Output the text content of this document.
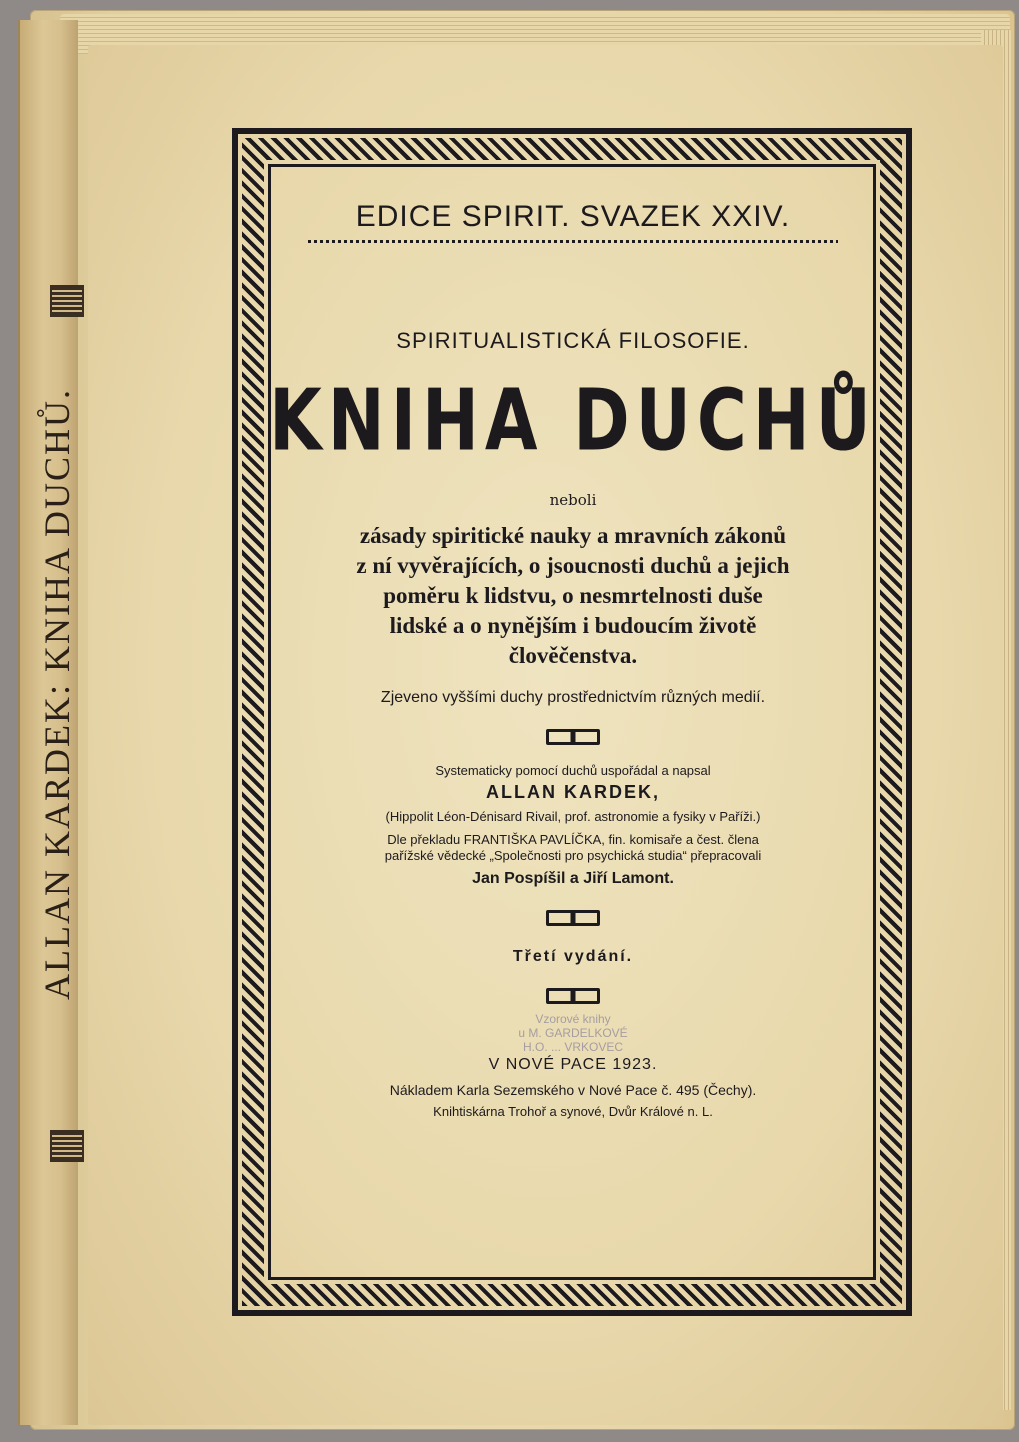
ALLAN KARDEK: KNIHA DUCHŮ.
EDICE SPIRIT. SVAZEK XXIV.
SPIRITUALISTICKÁ FILOSOFIE.
KNIHA DUCHŮ
neboli
zásady spiritické nauky a mravních zákonů
z ní vyvěrajících, o jsoucnosti duchů a jejich
poměru k lidstvu, o nesmrtelnosti duše
lidské a o nynějším i budoucím životě
člověčenstva.
Zjeveno vyššími duchy prostřednictvím různých medií.
Systematicky pomocí duchů uspořádal a napsal
ALLAN KARDEK,
(Hippolit Léon-Dénisard Rivail, prof. astronomie a fysiky v Paříži.)
Dle překladu FRANTIŠKA PAVLÍČKA, fin. komisaře a čest. člena
pařížské vědecké „Společnosti pro psychická studia“ přepracovali
Jan Pospíšil a Jiří Lamont.
Třetí vydání.
Vzorové knihy
u M. GARDELKOVÉ
H.O. ... VRKOVEC
V NOVÉ PACE 1923.
Nákladem Karla Sezemského v Nové Pace č. 495 (Čechy).
Knihtiskárna Trohoř a synové, Dvůr Králové n. L.
